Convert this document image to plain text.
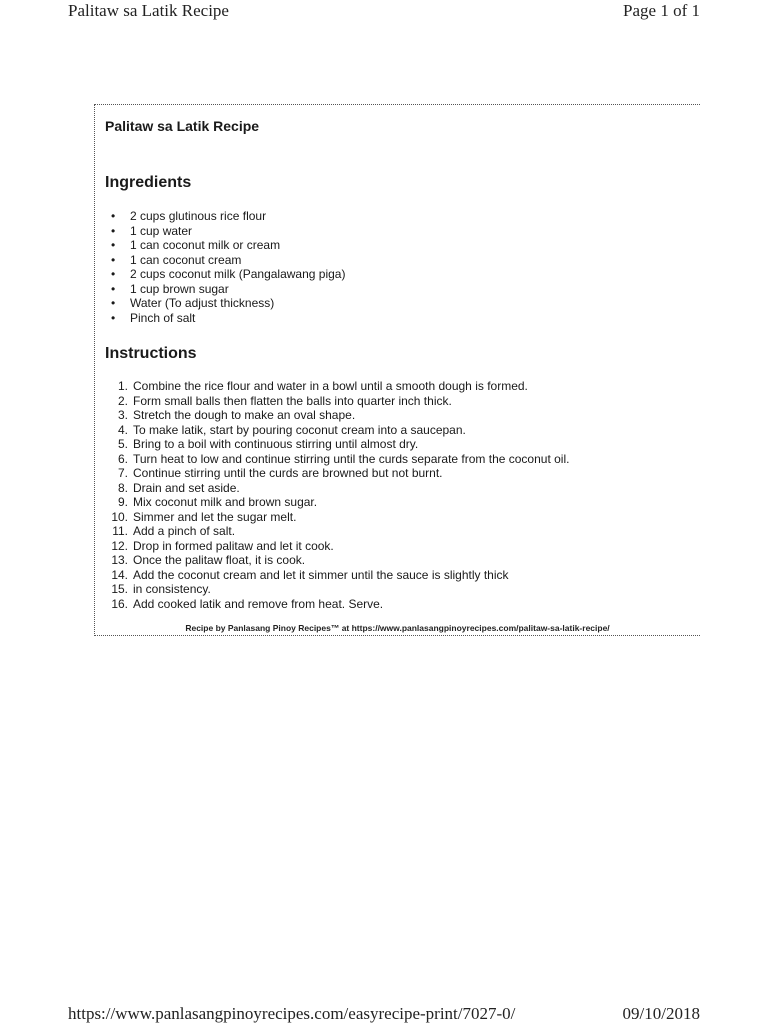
Palitaw sa Latik Recipe	Page 1 of 1
Palitaw sa Latik Recipe
Ingredients
• 2 cups glutinous rice flour
• 1 cup water
• 1 can coconut milk or cream
• 1 can coconut cream
• 2 cups coconut milk (Pangalawang piga)
• 1 cup brown sugar
• Water (To adjust thickness)
• Pinch of salt
Instructions
1. Combine the rice flour and water in a bowl until a smooth dough is formed.
2. Form small balls then flatten the balls into quarter inch thick.
3. Stretch the dough to make an oval shape.
4. To make latik, start by pouring coconut cream into a saucepan.
5. Bring to a boil with continuous stirring until almost dry.
6. Turn heat to low and continue stirring until the curds separate from the coconut oil.
7. Continue stirring until the curds are browned but not burnt.
8. Drain and set aside.
9. Mix coconut milk and brown sugar.
10. Simmer and let the sugar melt.
11. Add a pinch of salt.
12. Drop in formed palitaw and let it cook.
13. Once the palitaw float, it is cook.
14. Add the coconut cream and let it simmer until the sauce is slightly thick
15. in consistency.
16. Add cooked latik and remove from heat. Serve.
Recipe by Panlasang Pinoy Recipes™ at https://www.panlasangpinoyrecipes.com/palitaw-sa-latik-recipe/
https://www.panlasangpinoyrecipes.com/easyrecipe-print/7027-0/	09/10/2018
